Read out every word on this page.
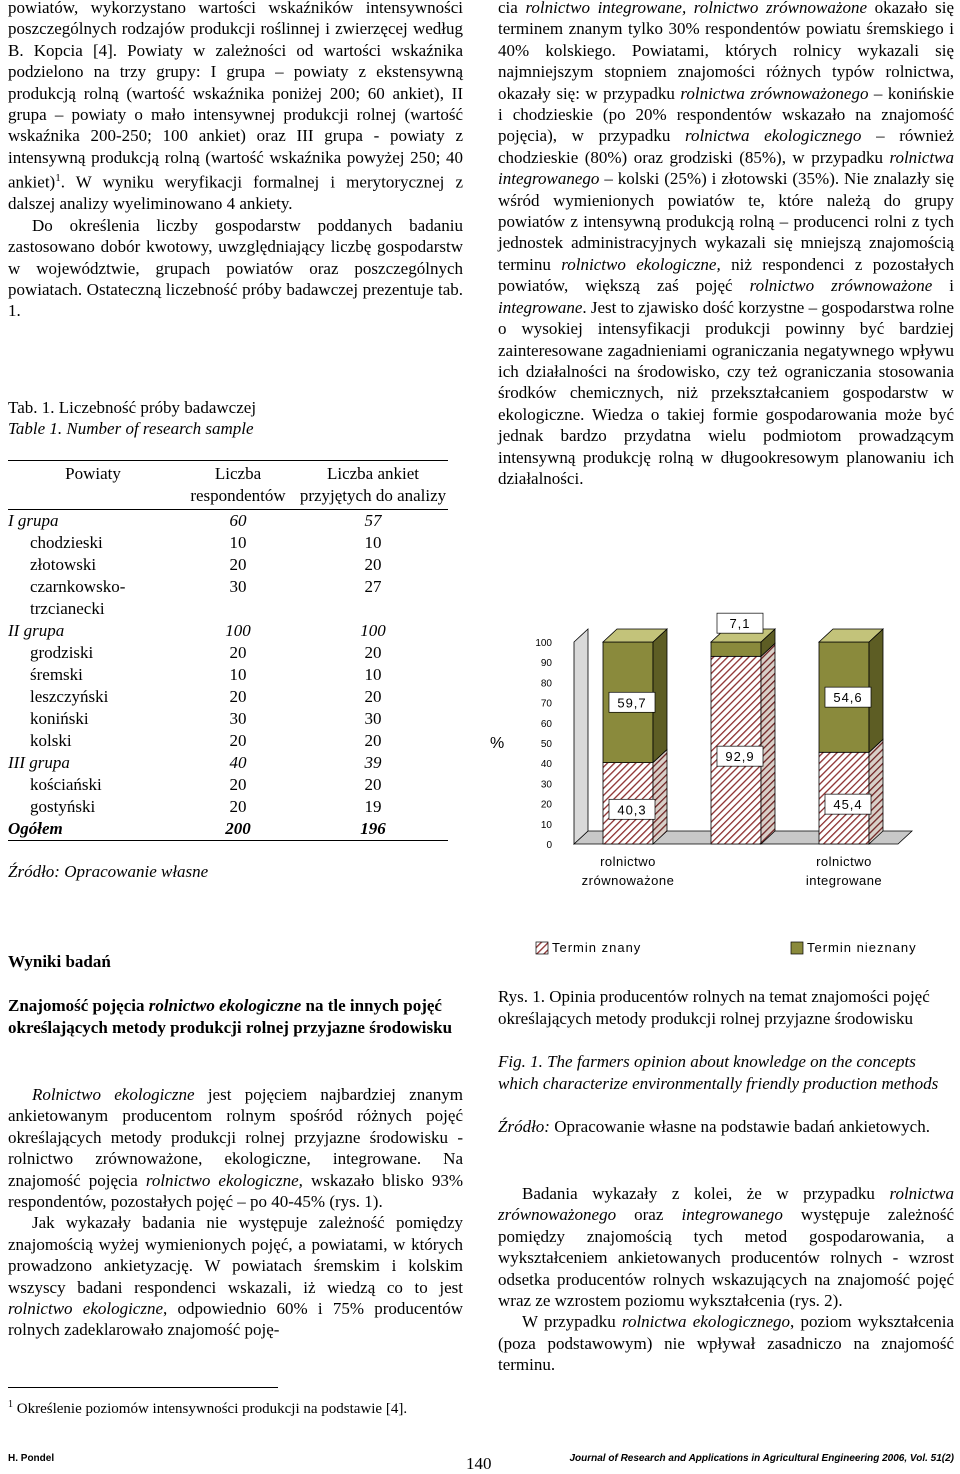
powiatów, wykorzystano wartości wskaźników intensywności poszczególnych rodzajów produkcji roślinnej i zwierzęcej według B. Kopcia [4]. Powiaty w zależności od wartości wskaźnika podzielono na trzy grupy: I grupa – powiaty z ekstensywną produkcją rolną (wartość wskaźnika poniżej 200; 60 ankiet), II grupa – powiaty o mało intensywnej produkcji rolnej (wartość wskaźnika 200-250; 100 ankiet) oraz III grupa - powiaty z intensywną produkcją rolną (wartość wskaźnika powyżej 250; 40 ankiet)$^1$. W wyniku weryfikacji formalnej i merytorycznej z dalszej analizy wyeliminowano 4 ankiety.

Do określenia liczby gospodarstw poddanych badaniu zastosowano dobór kwotowy, uwzględniający liczbę gospodarstw w województwie, grupach powiatów oraz poszczególnych powiatach. Ostateczną liczebność próby badawczej prezentuje tab. 1.

Tab. 1. Liczebność próby badawczej
Table 1. Number of research sample
Powiaty	Liczba respondentów	Liczba ankiet przyjętych do analizy

I grupa	60	57
chodzieski	10	10
złotowski	20	20
czarnkowsko-trzcianecki	30	27
II grupa	100	100
grodziski	20	20
śremski	10	10
leszczyński	20	20
koniński	30	30
kolski	20	20
III grupa	40	39
kościański	20	20
gostyński	20	19
Ogółem	200	196
Źródło: Opracowanie własne
Wyniki badań
Znajomość pojęcia rolnictwo ekologiczne na tle innych pojęć określających metody produkcji rolnej przyjazne środowisku

Rolnictwo ekologiczne jest pojęciem najbardziej znanym ankietowanym producentom rolnym spośród różnych pojęć określających metody produkcji rolnej przyjazne środowisku - rolnictwo zrównoważone, ekologiczne, integrowane. Na znajomość pojęcia rolnictwo ekologiczne, wskazało blisko 93% respondentów, pozostałych pojęć – po 40-45% (rys. 1).

Jak wykazały badania nie występuje zależność pomiędzy znajomością wyżej wymienionych pojęć, a powiatami, w których prowadzono ankietyzację. W powiatach śremskim i kolskim wszyscy badani respondenci wskazali, iż wiedzą co to jest rolnictwo ekologiczne, odpowiednio 60% i 75% producentów rolnych zadeklarowało znajomość poję-

$^1$ Określenie poziomów intensywności produkcji na podstawie [4].

cia rolnictwo integrowane, rolnictwo zrównoważone okazało się terminem znanym tylko 30% respondentów powiatu śremskiego i 40% kolskiego. Powiatami, których rolnicy wykazali się najmniejszym stopniem znajomości różnych typów rolnictwa, okazały się: w przypadku rolnictwa zrównoważonego – konińskie i chodzieskie (po 20% respondentów wskazało na znajomość pojęcia), w przypadku rolnictwa ekologicznego – również chodzieskie (80%) oraz grodziski (85%), w przypadku rolnictwa integrowanego – kolski (25%) i złotowski (35%). Nie znalazły się wśród wymienionych powiatów te, które należą do grupy powiatów z intensywną produkcją rolną – producenci rolni z tych jednostek administracyjnych wykazali się mniejszą znajomością terminu rolnictwo ekologiczne, niż respondenci z pozostałych powiatów, większą zaś pojęć rolnictwo zrównoważone i integrowane. Jest to zjawisko dość korzystne – gospodarstwa rolne o wysokiej intensyfikacji produkcji powinny być bardziej zainteresowane zagadnieniami ograniczania negatywnego wpływu ich działalności na środowisko, czy też ograniczania stosowania środków chemicznych, niż przekształcaniem gospodarstw w ekologiczne. Wiedza o takiej formie gospodarowania może być jednak bardzo przydatna wielu podmiotom prowadzącym intensywną produkcję rolną w długookresowym planowaniu ich działalności.

0
10
20
30
40
50
60
70
80
90
100
%
40,3
59,7
rolnictwo
zrównoważone
92,9
7,1
45,4
54,6
rolnictwo
integrowane
Termin znany	Termin nieznany
Rys. 1. Opinia producentów rolnych na temat znajomości pojęć określających metody produkcji rolnej przyjazne środowisku
Fig. 1. The farmers opinion about knowledge on the concepts which characterize environmentally friendly production methods
Źródło: Opracowanie własne na podstawie badań ankietowych.

Badania wykazały z kolei, że w przypadku rolnictwa zrównoważonego oraz integrowanego występuje zależność pomiędzy znajomością tych metod gospodarowania, a wykształceniem ankietowanych producentów rolnych - wzrost odsetka producentów rolnych wskazujących na znajomość pojęć wraz ze wzrostem poziomu wykształcenia (rys. 2).

W przypadku rolnictwa ekologicznego, poziom wykształcenia (poza podstawowym) nie wpływał zasadniczo na znajomość terminu.

H. Pondel	140	Journal of Research and Applications in Agricultural Engineering 2006, Vol. 51(2)
